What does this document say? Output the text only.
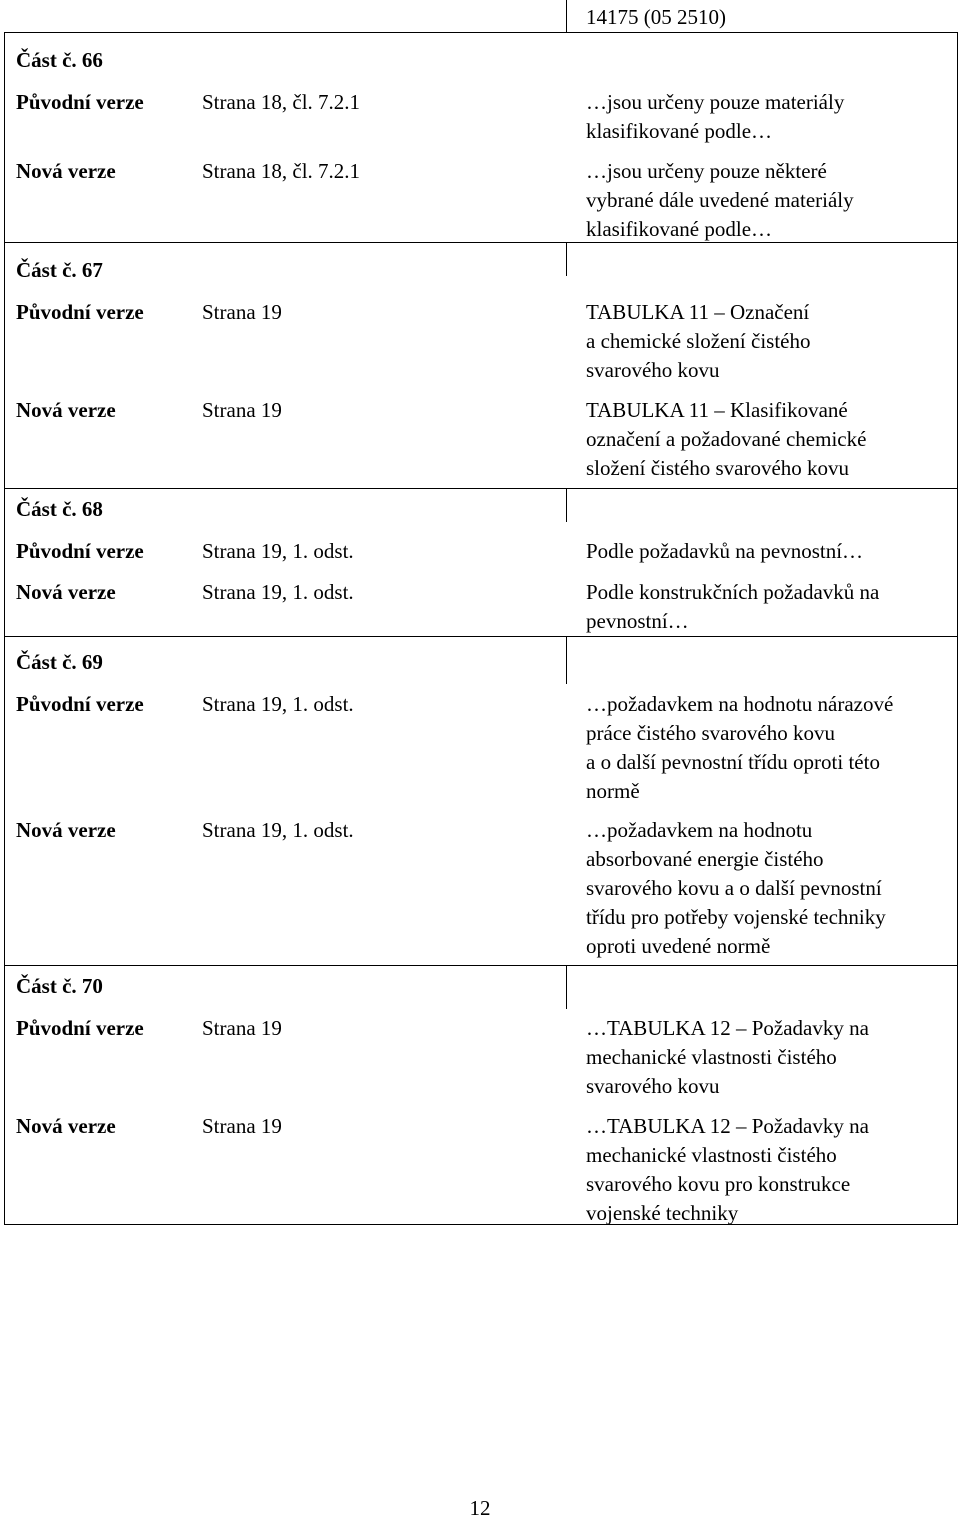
14175 (05 2510)
Část č. 66
Původní verze	Strana 18, čl. 7.2.1	…jsou určeny pouze materiály
klasifikované podle…
Nová verze	Strana 18, čl. 7.2.1	…jsou určeny pouze některé
vybrané dále uvedené materiály
klasifikované podle…
Část č. 67
Původní verze	Strana 19	TABULKA 11 – Označení
a chemické složení čistého
svarového kovu
Nová verze	Strana 19	TABULKA 11 – Klasifikované
označení a požadované chemické
složení čistého svarového kovu
Část č. 68
Původní verze	Strana 19, 1. odst.	Podle požadavků na pevnostní…
Nová verze	Strana 19, 1. odst.	Podle konstrukčních požadavků na
pevnostní…
Část č. 69
Původní verze	Strana 19, 1. odst.	…požadavkem na hodnotu nárazové
práce čistého svarového kovu
a o další pevnostní třídu oproti této
normě
Nová verze	Strana 19, 1. odst.	…požadavkem na hodnotu
absorbované energie čistého
svarového kovu a o další pevnostní
třídu pro potřeby vojenské techniky
oproti uvedené normě
Část č. 70
Původní verze	Strana 19	…TABULKA 12 – Požadavky na
mechanické vlastnosti čistého
svarového kovu
Nová verze	Strana 19	…TABULKA 12 – Požadavky na
mechanické vlastnosti čistého
svarového kovu pro konstrukce
vojenské techniky
12
